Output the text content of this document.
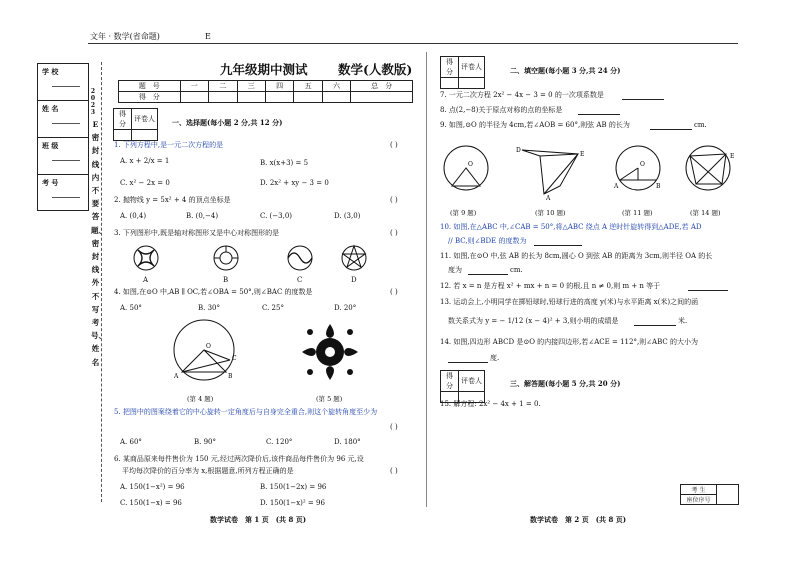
文年 · 数学(省命题)	E
学 校
姓 名
班 级
考 号
2023
E密封线内不要答题、密封线外不写考号、姓名
九年级期中测试 数学(人教版)
题　号	一	二	三	四	五	六	总　分
得　分							
得分	评卷人
	一、选择题(每小题 2 分,共 12 分)
1. 下列方程中,是一元二次方程的是	( )
A. x + 2/x = 1	B. x(x+3) = 5
C. x² − 2x = 0	D. 2x² + xy − 3 = 0
2. 抛物线 y = 5x² + 4 的顶点坐标是	( )
A. (0,4)	B. (0,−4)	C. (−3,0)	D. (3,0)
3. 下列图形中,既是轴对称图形又是中心对称图形的是	( )
A	B	C	D
4. 如图,在⊙O 中,AB ∥ OC,若∠OBA = 50°,则∠BAC 的度数是	( )
A. 50°	B. 30°	C. 25°	D. 20°
O
A	B
C
(第 4 题)	(第 5 题)
5. 把图中的图案绕着它的中心旋转一定角度后与自身完全重合,则这个旋转角度至少为
( )
A. 60°	B. 90°	C. 120°	D. 180°
6. 某商品原来每件售价为 150 元,经过两次降价后,该件商品每件售价为 96 元,设
平均每次降价的百分率为 x,根据题意,所列方程正确的是	( )
A. 150(1−x²) = 96	B. 150(1−2x) = 96
C. 150(1−x) = 96	D. 150(1−x)² = 96
数学试卷　第 1 页　(共 8 页)
得分	评卷人
		二、填空题(每小题 3 分,共 24 分)
7. 一元二次方程 2x² − 4x − 3 = 0 的一次项系数是
8. 点(2,−8)关于原点对称的点的坐标是
9. 如图,⊙O 的半径为 4cm,若∠AOB = 60°,则弦 AB 的长为	cm.
O
D
E
A
O
A	B
E
(第 9 题)	(第 10 题)	(第 11 题)	(第 14 题)
10. 如图,在△ABC 中,∠CAB = 50°,将△ABC 绕点 A 逆时针旋转得到△ADE,若 AD
// BC,则∠BDE 的度数为
11. 如图,在⊙O 中,弦 AB 的长为 8cm,圆心 O 到弦 AB 的距离为 3cm,则半径 OA 的长
度为	cm.
12. 若 x = n 是方程 x² + mx + n = 0 的根,且 n ≠ 0,则 m + n 等于
13. 运动会上,小明同学在掷铅球时,铅球行进的高度 y(米)与水平距离 x(米)之间的函
数关系式为 y = − 1/12 (x − 4)² + 3,则小明的成绩是	米.
14. 如图,四边形 ABCD 是⊙O 的内接四边形,若∠ACE = 112°,则∠ABC 的大小为
度.
得分	评卷人
		三、解答题(每小题 5 分,共 20 分)
15. 解方程: 2x² − 4x + 1 = 0.
考 生	
座位序号
数学试卷　第 2 页　(共 8 页)
